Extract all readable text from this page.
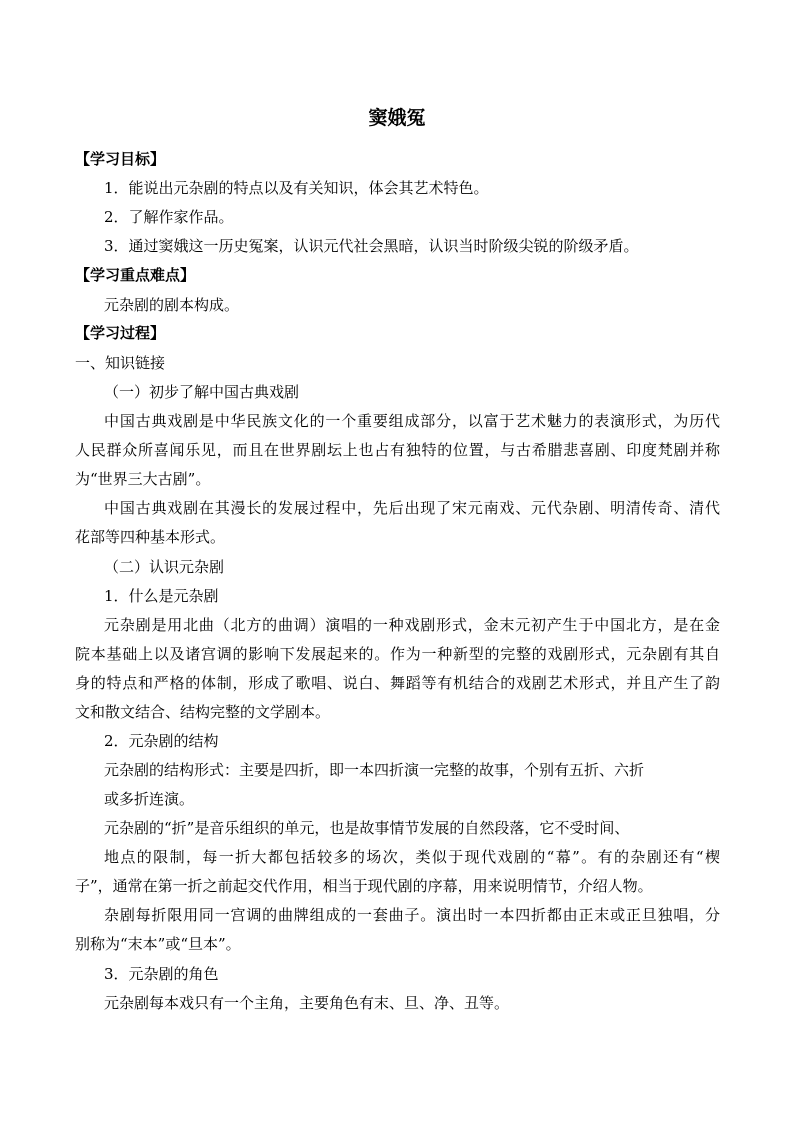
窦娥冤
【学习目标】
1．能说出元杂剧的特点以及有关知识，体会其艺术特色。
2．了解作家作品。
3．通过窦娥这一历史冤案，认识元代社会黑暗，认识当时阶级尖锐的阶级矛盾。
【学习重点难点】
元杂剧的剧本构成。
【学习过程】
一、知识链接
（一）初步了解中国古典戏剧
中国古典戏剧是中华民族文化的一个重要组成部分，以富于艺术魅力的表演形式，为历代
人民群众所喜闻乐见，而且在世界剧坛上也占有独特的位置，与古希腊悲喜剧、印度梵剧并称
为“世界三大古剧”。
中国古典戏剧在其漫长的发展过程中，先后出现了宋元南戏、元代杂剧、明清传奇、清代
花部等四种基本形式。
（二）认识元杂剧
1．什么是元杂剧
元杂剧是用北曲（北方的曲调）演唱的一种戏剧形式，金末元初产生于中国北方，是在金
院本基础上以及诸宫调的影响下发展起来的。作为一种新型的完整的戏剧形式，元杂剧有其自
身的特点和严格的体制，形成了歌唱、说白、舞蹈等有机结合的戏剧艺术形式，并且产生了韵
文和散文结合、结构完整的文学剧本。
2．元杂剧的结构
元杂剧的结构形式：主要是四折，即一本四折演一完整的故事，个别有五折、六折
或多折连演。
元杂剧的“折”是音乐组织的单元，也是故事情节发展的自然段落，它不受时间、
地点的限制，每一折大都包括较多的场次，类似于现代戏剧的“幕”。有的杂剧还有“楔
子”，通常在第一折之前起交代作用，相当于现代剧的序幕，用来说明情节，介绍人物。
杂剧每折限用同一宫调的曲牌组成的一套曲子。演出时一本四折都由正末或正旦独唱，分
别称为“末本”或“旦本”。
3．元杂剧的角色
元杂剧每本戏只有一个主角，主要角色有末、旦、净、丑等。
